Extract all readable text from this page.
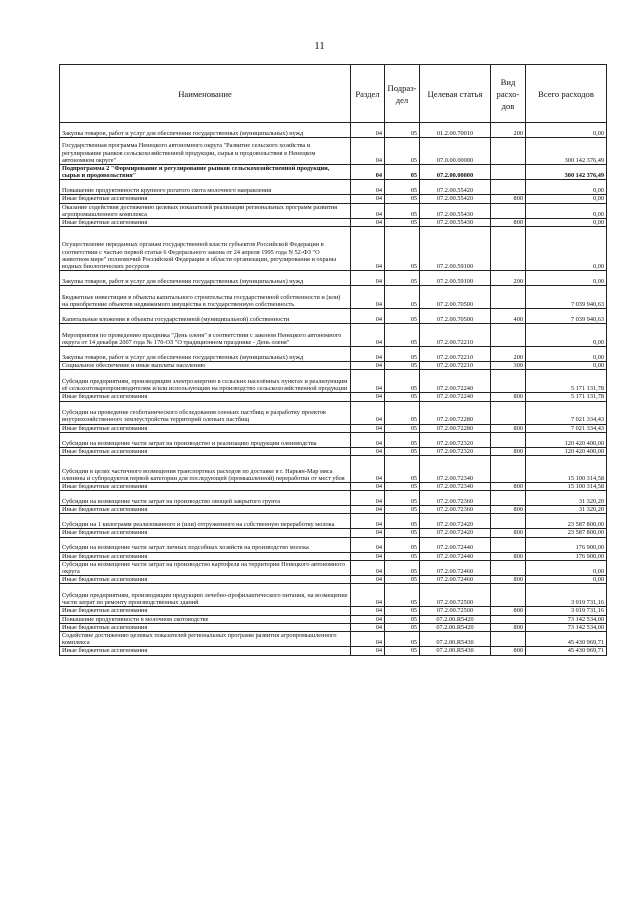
11
Наименование	Раздел	Подраз-дел	Целевая статья	Вид расхо-дов	Всего расходов
Закупка товаров, работ и услуг для обеспечения государственных (муниципальных) нужд	04	05	01.2.00.70010	200	0,00
Государственная программа Ненецкого автономного округа "Развитие сельского хозяйства и регулирование рынков сельскохозяйственной продукции, сырья и продовольствия в Ненецком автономном округе"	04	05	07.0.00.00000		300 142 376,49
Подпрограмма 2 "Формирование и регулирование рынков сельскохозяйственной продукции, сырья и продовольствия"	04	05	07.2.00.00000		300 142 376,49
Повышение продуктивности крупного рогатого скота молочного направления	04	05	07.2.00.55420		0,00
Иные бюджетные ассигнования	04	05	07.2.00.55420	800	0,00
Оказание содействия достижению целевых показателей реализации региональных программ развития агропромышленного комплекса	04	05	07.2.00.55430		0,00
Иные бюджетные ассигнования	04	05	07.2.00.55430	800	0,00
Осуществление переданных органам государственной власти субъектов Российской Федерации в соответствии с частью первой статьи 6 Федерального закона от 24 апреля 1995 года N 52-ФЗ "О животном мире" полномочий Российской Федерации в области организации, регулирования и охраны водных биологических ресурсов	04	05	07.2.00.59100		0,00
Закупка товаров, работ и услуг для обеспечения государственных (муниципальных) нужд	04	05	07.2.00.59100	200	0,00
Бюджетные инвестиции в объекты капитального строительства государственной собственности и (или) на приобретение объектов недвижимого имущества в государственную собственность	04	05	07.2.00.70500		7 039 940,63
Капитальные вложения в объекты государственной (муниципальной) собственности	04	05	07.2.00.70500	400	7 039 940,63
Мероприятия по проведению праздника "День оленя" в соответствии с законом Ненецкого автономного округа от 14 декабря 2007 года № 170-ОЗ "О традиционном празднике - День оленя"	04	05	07.2.00.72210		0,00
Закупка товаров, работ и услуг для обеспечения государственных (муниципальных) нужд	04	05	07.2.00.72210	200	0,00
Социальное обеспечение и иные выплаты населению	04	05	07.2.00.72210	300	0,00
Субсидии предприятиям, производящим электроэнергию в сельских населённых пунктах и реализующим её сельхозтоваропроизводителям и/или использующим на производство сельскохозяйственной продукции	04	05	07.2.00.72240		5 171 131,78
Иные бюджетные ассигнования	04	05	07.2.00.72240	800	5 171 131,78
Субсидии на проведение геоботанического обследования оленьих пастбищ и разработку проектов внутрихозяйственного землеустройства территорий оленьих пастбищ	04	05	07.2.00.72280		7 021 334,43
Иные бюджетные ассигнования	04	05	07.2.00.72280	800	7 021 334,43
Субсидии на возмещение части затрат на производство и реализацию продукции оленеводства	04	05	07.2.00.72320		120 420 400,00
Иные бюджетные ассигнования	04	05	07.2.00.72320	800	120 420 400,00
Субсидии в целях частичного возмещения транспортных расходов по доставке в г. Нарьян-Мар мяса оленины и субпродуктов первой категории для последующей (промышленной) переработки от мест убоя	04	05	07.2.00.72340		15 100 314,58
Иные бюджетные ассигнования	04	05	07.2.00.72340	800	15 100 314,58
Субсидии на возмещение части затрат на производство овощей закрытого грунта	04	05	07.2.00.72360		31 320,20
Иные бюджетные ассигнования	04	05	07.2.00.72360	800	31 320,20
Субсидии на 1 килограмм реализованного и (или) отгруженного на собственную переработку молока	04	05	07.2.00.72420		23 587 800,00
Иные бюджетные ассигнования	04	05	07.2.00.72420	800	23 587 800,00
Субсидии на возмещение части затрат личных подсобных хозяйств на производство молока	04	05	07.2.00.72440		176 900,00
Иные бюджетные ассигнования	04	05	07.2.00.72440	800	176 900,00
Субсидии на возмещение части затрат на производство картофеля на территории Ненецкого автономного округа	04	05	07.2.00.72460		0,00
Иные бюджетные ассигнования	04	05	07.2.00.72460	800	0,00
Субсидии предприятиям, производящим продукцию лечебно-профилактического питания, на возмещение части затрат по ремонту производственных зданий	04	05	07.2.00.72500		3 019 731,16
Иные бюджетные ассигнования	04	05	07.2.00.72500	800	3 019 731,16
Повышение продуктивности в молочном скотоводстве	04	05	07.2.00.R5420		73 142 534,00
Иные бюджетные ассигнования	04	05	07.2.00.R5420	800	73 142 534,00
Содействие достижению целевых показателей региональных программ развития агропромышленного комплекса	04	05	07.2.00.R5430		45 430 969,71
Иные бюджетные ассигнования	04	05	07.2.00.R5430	800	45 430 969,71
